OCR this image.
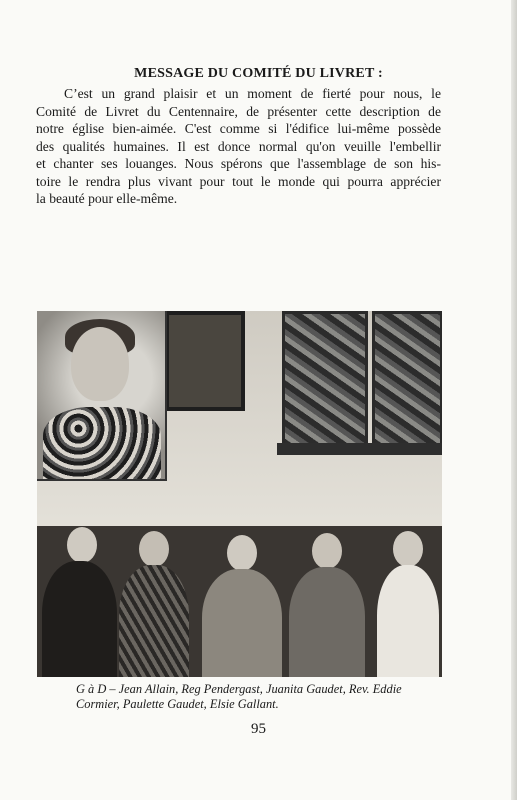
MESSAGE DU COMITÉ DU LIVRET :

C’est un grand plaisir et un moment de fierté pour nous, le
Comité de Livret du Centennaire, de présenter cette description de
notre église bien-aimée. C'est comme si l'édifice lui-même possède
des qualités humaines. Il est donce normal qu'on veuille l'embellir
et chanter ses louanges. Nous spérons que l'assemblage de son his-
toire le rendra plus vivant pour tout le monde qui pourra apprécier
la beauté pour elle-même.

G à D – Jean Allain, Reg Pendergast, Juanita Gaudet, Rev. Eddie
Cormier, Paulette Gaudet, Elsie Gallant.

95
